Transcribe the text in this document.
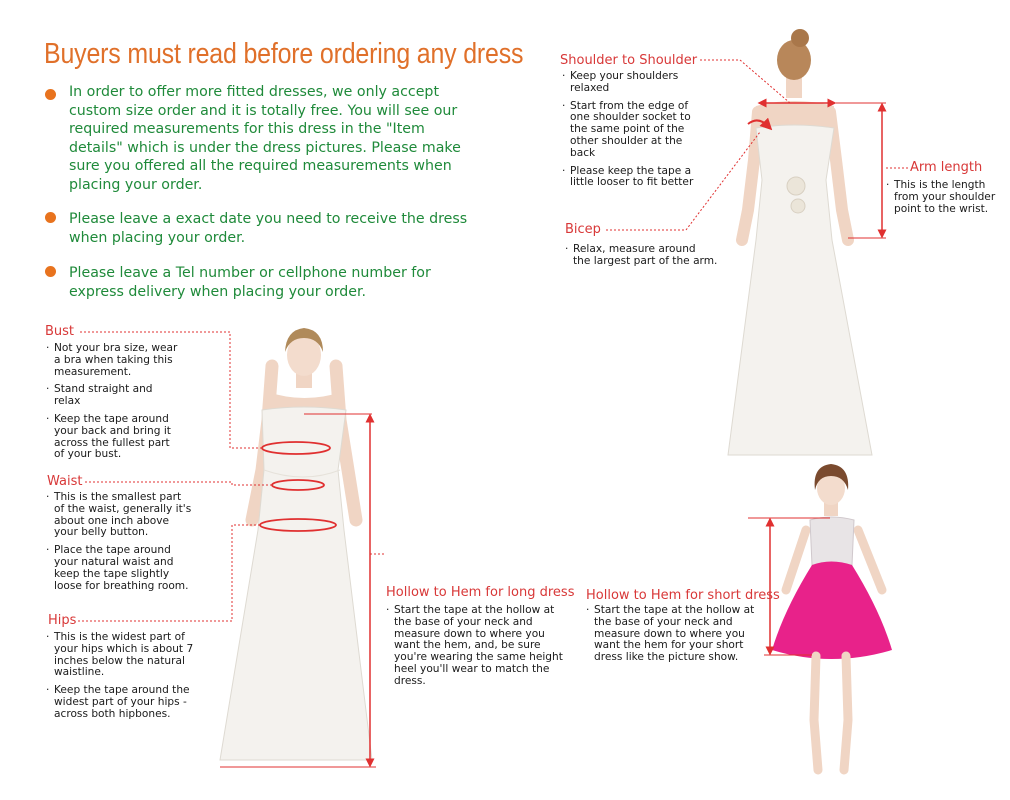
Buyers must read before ordering any dress
In order to offer more fitted dresses, we only accept
custom size order and it is totally free. You will see our
required measurements for this dress in the "Item
details" which is under the dress pictures. Please make
sure you offered all the required measurements when
placing your order.
Please leave a exact date you need to receive the dress
when placing your order.
Please leave a Tel number or cellphone number for
express delivery when placing your order.
Bust
· Not your bra size, wear
a bra when taking this
measurement.
· Stand straight and
relax
· Keep the tape around
your back and bring it
across the fullest part
of your bust.
Waist
· This is the smallest part
of the waist, generally it's
about one inch above
your belly button.
· Place the tape around
your natural waist and
keep the tape slightly
loose for breathing room.
Hips
· This is the widest part of
your hips which is about 7
inches below the natural
waistline.
· Keep the tape around the
widest part of your hips -
across both hipbones.
Hollow to Hem for long dress
· Start the tape at the hollow at
the base of your neck and
measure down to where you
want the hem, and, be sure
you're wearing the same height
heel you'll wear to match the
dress.
Shoulder to Shoulder
· Keep your shoulders
relaxed
· Start from the edge of
one shoulder socket to
the same point of the
other shoulder at the
back
· Please keep the tape a
little looser to fit better
Arm length
· This is the length
from your shoulder
point to the wrist.
Bicep
· Relax, measure around
the largest part of the arm.
Hollow to Hem for short dress
· Start the tape at the hollow at
the base of your neck and
measure down to where you
want the hem for your short
dress like the picture show.
